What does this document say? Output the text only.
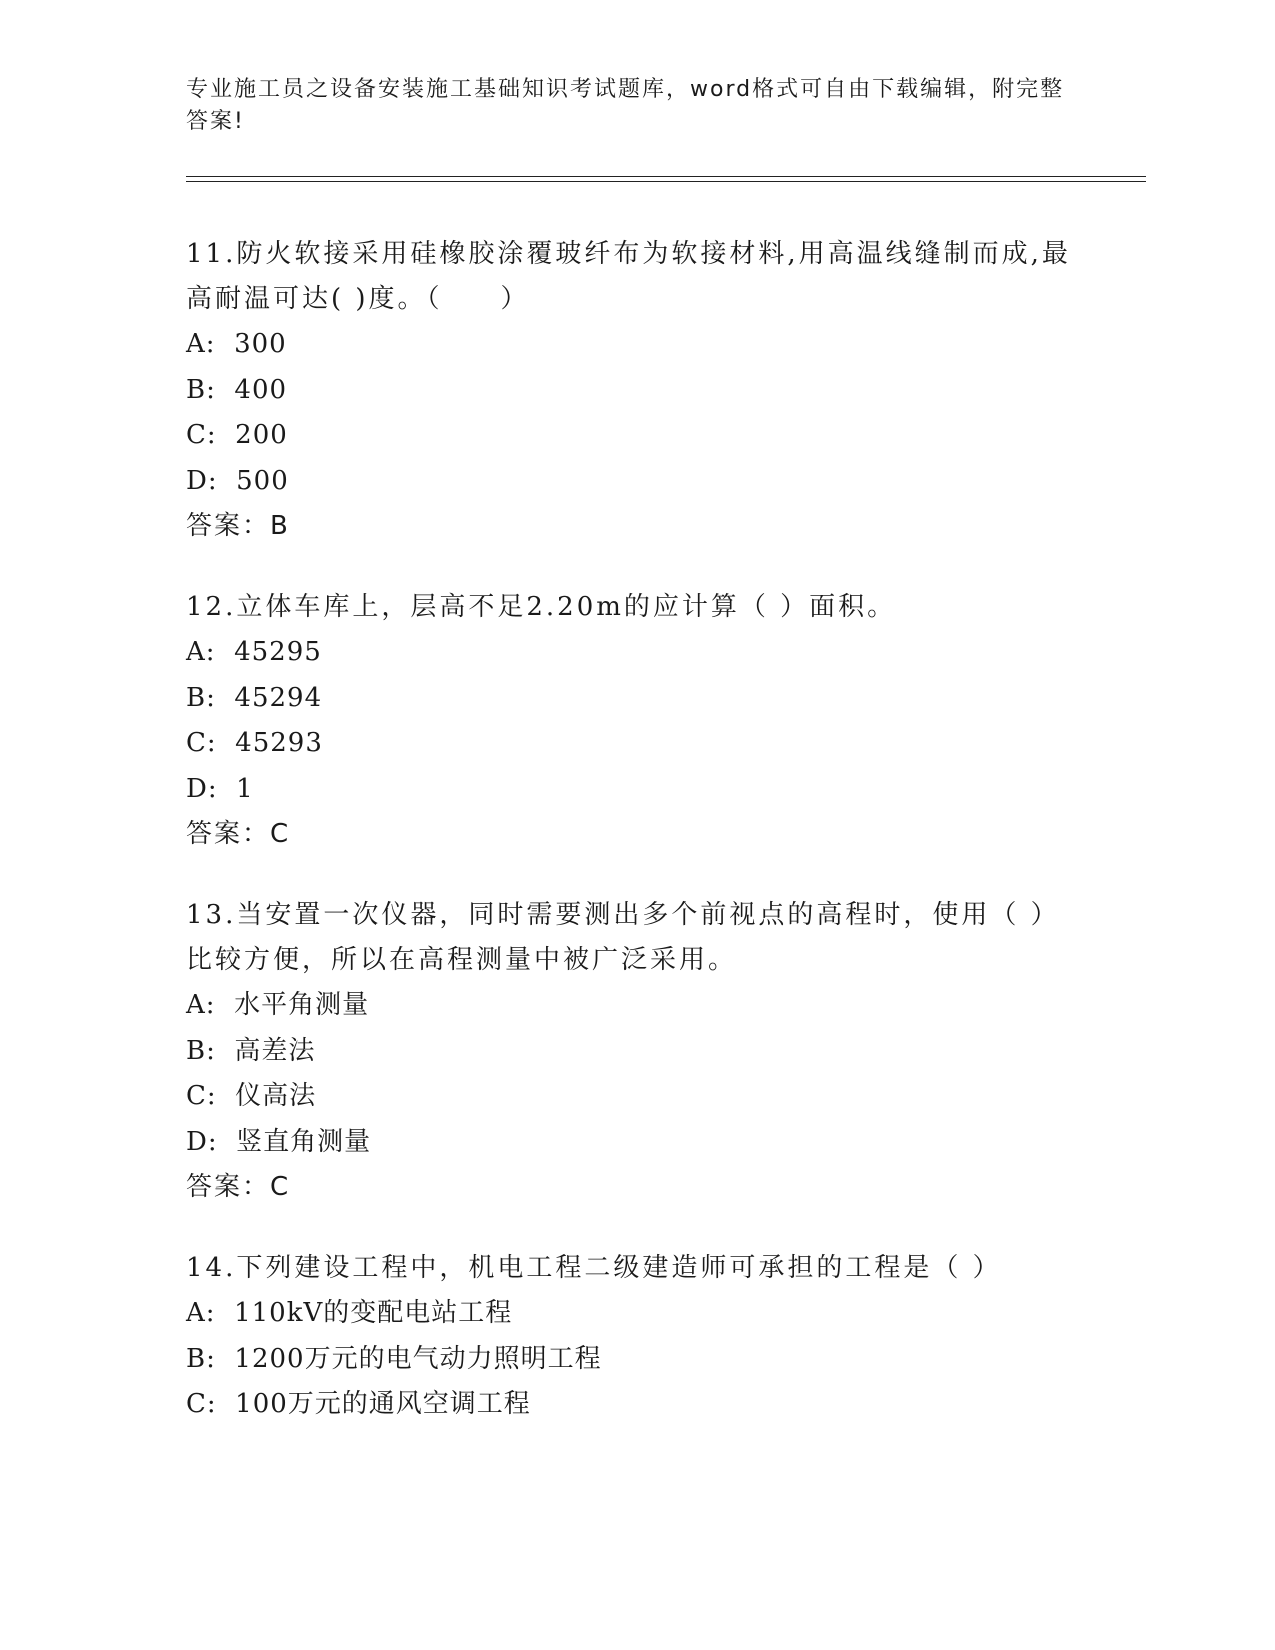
专业施工员之设备安装施工基础知识考试题库，word格式可自由下载编辑，附完整答案!

11.防火软接采用硅橡胶涂覆玻纤布为软接材料,用高温线缝制而成,最高耐温可达( )度。（　　）

A:  300
B:  400
C:  200
D:  500
答案：B

12.立体车库上，层高不足2.20m的应计算（ ）面积。

A:  45295
B:  45294
C:  45293
D:  1
答案：C

13.当安置一次仪器，同时需要测出多个前视点的高程时，使用（ ）比较方便，所以在高程测量中被广泛采用。

A:  水平角测量
B:  高差法
C:  仪高法
D:  竖直角测量
答案：C

14.下列建设工程中，机电工程二级建造师可承担的工程是（ ）

A:  110kV的变配电站工程
B:  1200万元的电气动力照明工程
C:  100万元的通风空调工程
